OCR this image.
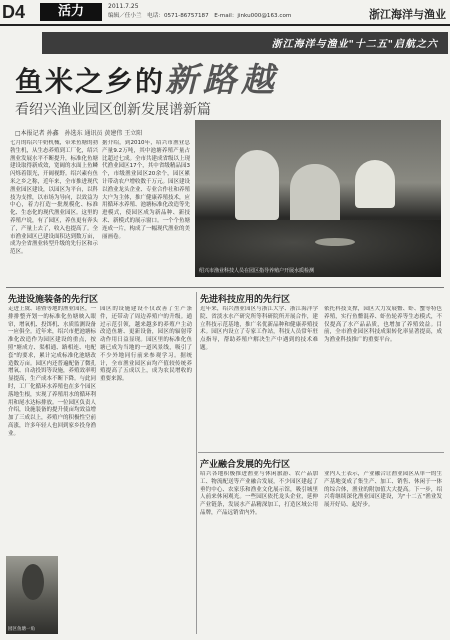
D4	活力	2011.7.25
编辑／任小兰　电话：0571-86757187　E-mail：jinku000@163.com	浙江海洋与渔业
浙江海洋与渔业"十二五"启航之六
鱼米之乡的新路越
看绍兴渔业园区创新发展谱新篇
□本报记者 孙鑫　孙选东 通讯员 黄建伟 王立阳
七月的绍兴牛奶机械，带来鱼塘的勃勃生机，从生态养殖到工厂化，绍兴渔业发展水平不断提升，标准化鱼塘建设取得新成效，宽阔的水面上鱼鳞闪烁着银光，开阔视野。绍兴素有鱼米之乡之称，近年来，全市推进现代渔业园区建设，以园区为平台，以科技为支撑，以市场为导向，以效益为中心，着力打造一批规模化、标准化、生态化的现代渔业园区。这里的养殖户说，有了园区，养鱼更有奔头了，产量上去了，收入也提高了。全市渔业园区已建设面积达到数万亩，成为全省渔业转型升级的先行区和示范区。
据介绍，到2010年，绍兴市渔业总产量9.2万吨，其中池塘养殖产量占比超过七成。全市共建成省级以上现代渔业园区17个，其中省级精品园3个，市级渔业园区20余个，园区累计带动农户增收数千万元。园区建设以渔业龙头企业、专业合作社和养殖大户为主体，推广健康养殖技术，应用循环水养殖、池塘标准化改造等先进模式，使园区成为新品种、新技术、新模式的展示窗口。一个个鱼塘连成一片，构成了一幅现代渔业的美丽画卷。
绍兴市渔业科技人员在园区指导养殖户开展水质检测
先进设施装备的先行区
走进上虞、诸暨等地的渔业园区，一排排整齐划一的标准化鱼塘映入眼帘，增氧机、投饵机、水质监测设备一应俱全。近年来，绍兴市把池塘标准化改造作为园区建设的重点，按照"塘成方、渠相通、路相连、电配套"的要求，累计完成标准化池塘改造数万亩。园区内还普遍配备了微孔增氧、自动投饵等设施，养殖效率明显提高，生产成本不断下降。与此同时，工厂化循环水养殖也在多个园区落地生根，实现了养殖用水的循环利用和尾水达标排放。一位园区负责人介绍，设施装备的提升使亩均效益增加了三成以上，养殖户的积极性空前高涨，许多年轻人也回到家乡投身渔业。
园区的设施建设不仅改善了生产条件，还带动了周边养殖户的升级。通过示范引领，越来越多的养殖户主动改造鱼塘、更新设备，园区的辐射带动作用日益显现。园区里的标准化鱼塘已成为当地的一道风景线，吸引了不少外地同行前来参观学习。据统计，全市渔业园区亩均产值较传统养殖提高了五成以上，成为农民增收的重要来源。
园区鱼塘一角
先进科技应用的先行区
近年来，绍兴渔业园区与浙江大学、浙江海洋学院、省淡水水产研究所等科研院所开展合作，建立科技示范基地，推广名优新品种和健康养殖技术。园区内设立了专家工作站，科技人员常年驻点指导，帮助养殖户解决生产中遇到的技术难题。
依托科技支撑，园区大力发展鳖、虾、蟹等特色养殖，实行鱼鳖混养、虾鱼轮养等生态模式，不仅提高了水产品品质，也增加了养殖效益。目前，全市渔业园区科技成果转化率显著提高，成为渔业科技推广的重要平台。
产业融合发展的先行区
绍兴各地积极推进渔业与休闲旅游、农产品加工、物流配送等产业融合发展，不少园区建起了垂钓中心、农家乐和渔业文化展示馆，吸引城里人前来休闲观光。一些园区依托龙头企业，延伸产业链条，发展水产品精深加工，打造区域公用品牌，产品远销省内外。
业内人士表示，产业融合让渔业园区从单一的生产基地变成了集生产、加工、销售、休闲于一体的综合体，渔业的附加值大大提高。下一步，绍兴将继续深化渔业园区建设，为"十二五"渔业发展开好局、起好步。
